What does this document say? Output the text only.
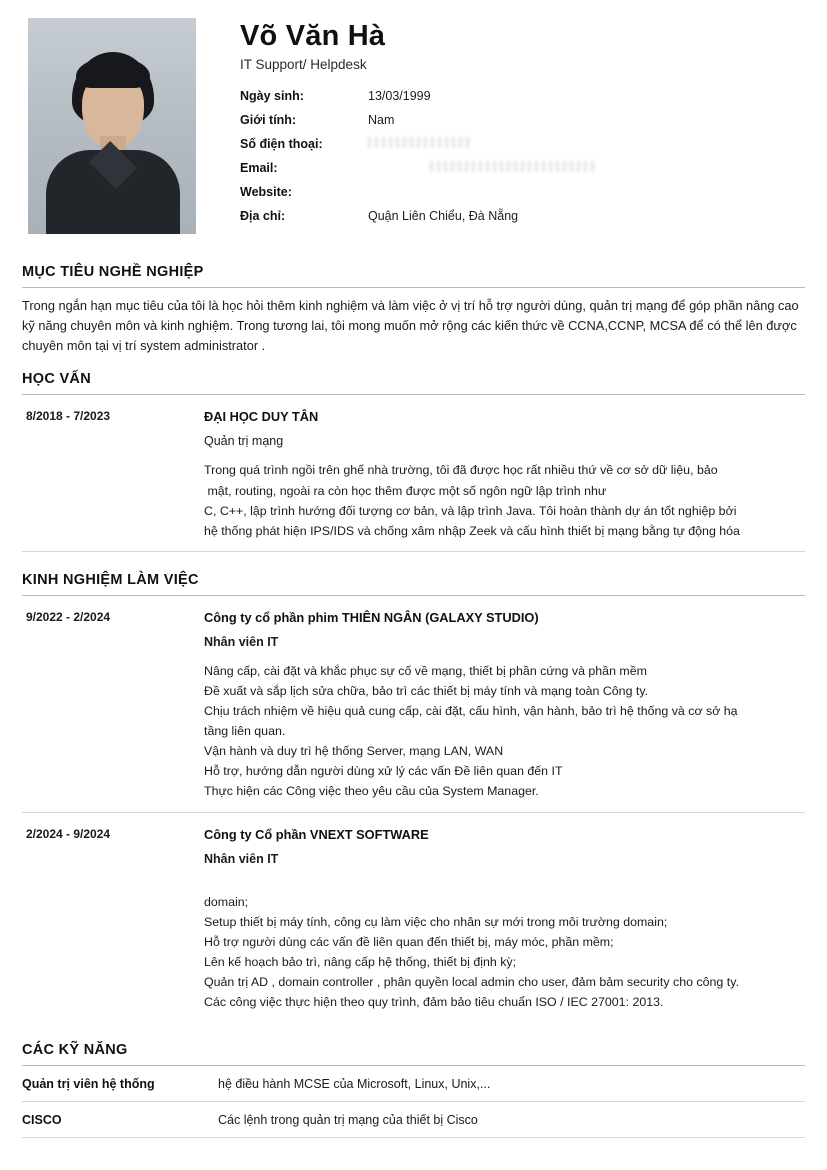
Võ Văn Hà
IT Support/ Helpdesk
Ngày sinh:	13/03/1999
Giới tính:	Nam
Số điện thoại:	

Email:	

Website:	
Địa chỉ:	Quận Liên Chiểu, Đà Nẵng
MỤC TIÊU NGHỀ NGHIỆP
Trong ngắn hạn mục tiêu của tôi là học hỏi thêm kinh nghiệm và làm việc ở vị trí hỗ trợ người dùng, quản trị mạng để góp phần nâng cao kỹ năng chuyên môn và kinh nghiệm. Trong tương lai, tôi mong muốn mở rộng các kiến thức về CCNA,CCNP, MCSA để có thể lên được chuyên môn tại vị trí system administrator .
HỌC VẤN
8/2018 - 7/2023	ĐẠI HỌC DUY TÂN
Quản trị mạng
Trong quá trình ngồi trên ghế nhà trường, tôi đã được học rất nhiều thứ về cơ sở dữ liệu, bảo
mật, routing, ngoài ra còn học thêm được một số ngôn ngữ lập trình như
C, C++, lập trình hướng đối tượng cơ bản, và lập trình Java. Tôi hoàn thành dự án tốt nghiệp bởi
hệ thống phát hiện IPS/IDS và chống xâm nhập Zeek và cấu hình thiết bị mạng bằng tự động hóa
KINH NGHIỆM LÀM VIỆC
9/2022 - 2/2024	Công ty cổ phần phim THIÊN NGÂN (GALAXY STUDIO)
Nhân viên IT
Nâng cấp, cài đặt và khắc phục sự cố về mạng, thiết bị phần cứng và phần mềm
Đề xuất và sắp lịch sửa chữa, bảo trì các thiết bị máy tính và mạng toàn Công ty.
Chịu trách nhiệm về hiệu quả cung cấp, cài đặt, cấu hình, vận hành, bảo trì hệ thống và cơ sở hạ
tầng liên quan.
Vận hành và duy trì hệ thống Server, mạng LAN, WAN
Hỗ trợ, hướng dẫn người dùng xử lý các vấn Đề liên quan đến IT
Thực hiện các Công việc theo yêu cầu của System Manager.
2/2024 - 9/2024	Công ty Cổ phần VNEXT SOFTWARE
Nhân viên IT
domain;
Setup thiết bị máy tính, công cụ làm việc cho nhân sự mới trong môi trường domain;
Hỗ trợ người dùng các vấn đề liên quan đến thiết bị, máy móc, phần mềm;
Lên kế hoạch bảo trì, nâng cấp hệ thống, thiết bị định kỳ;
Quản trị AD , domain controller , phân quyền local admin cho user, đảm bảm security cho công ty.
Các công việc thực hiện theo quy trình, đảm bảo tiêu chuẩn ISO / IEC 27001: 2013.
CÁC KỸ NĂNG
Quản trị viên hệ thống	hệ điều hành MCSE của Microsoft, Linux, Unix,...
CISCO	Các lệnh trong quản trị mạng của thiết bị Cisco
